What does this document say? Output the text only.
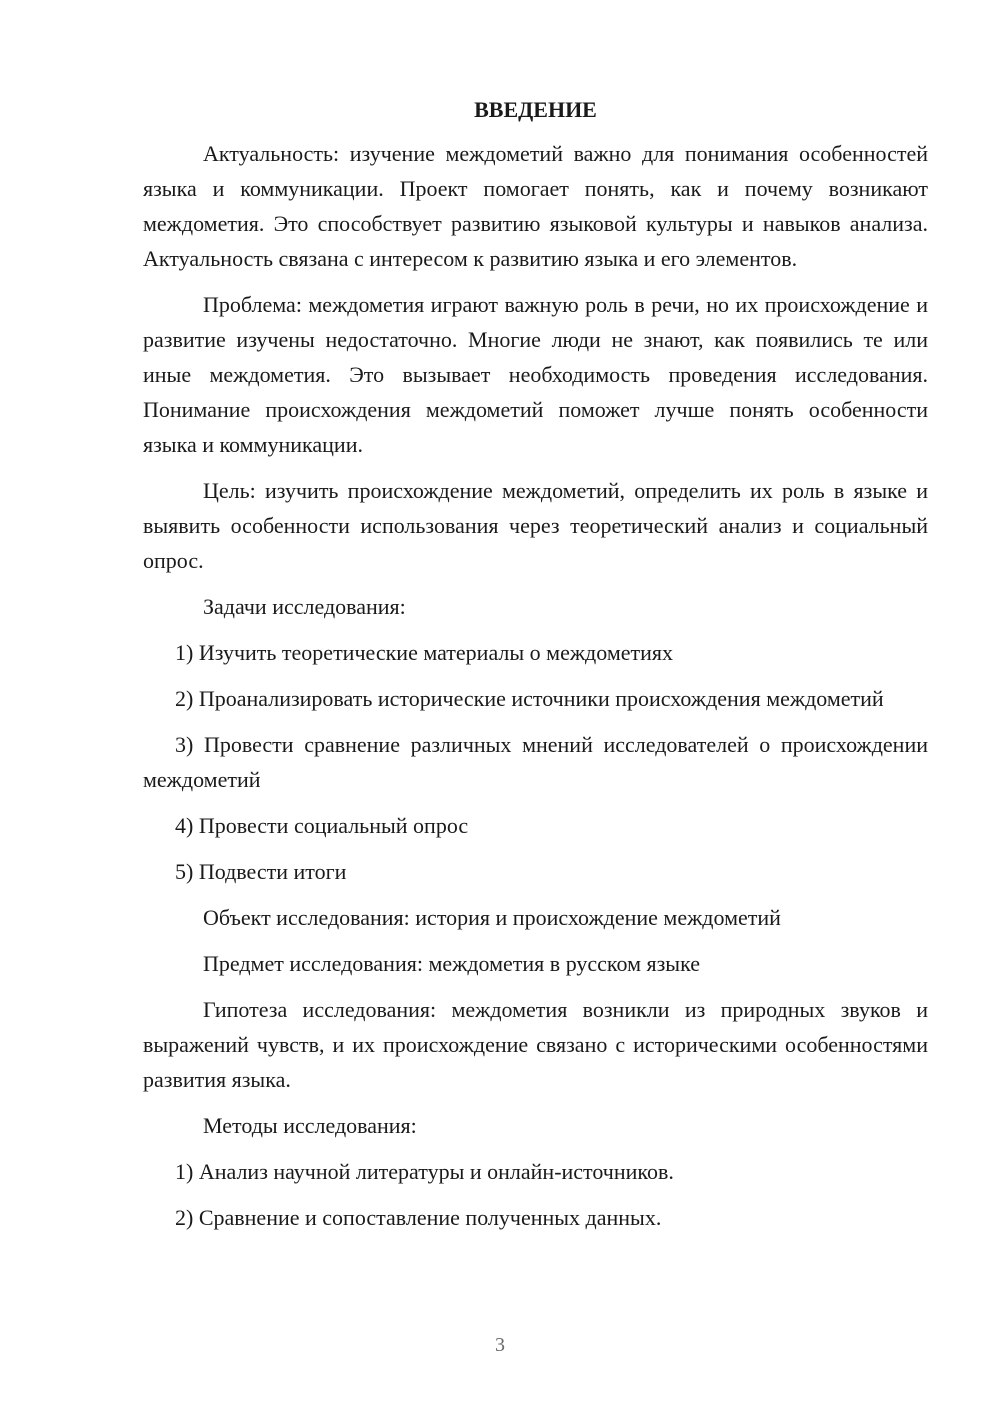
ВВЕДЕНИЕ

Актуальность: изучение междометий важно для понимания особенностей языка и коммуникации. Проект помогает понять, как и почему возникают междометия. Это способствует развитию языковой культуры и навыков анализа. Актуальность связана с интересом к развитию языка и его элементов.

Проблема: междометия играют важную роль в речи, но их происхождение и развитие изучены недостаточно. Многие люди не знают, как появились те или иные междометия. Это вызывает необходимость проведения исследования. Понимание происхождения междометий поможет лучше понять особенности языка и коммуникации.

Цель: изучить происхождение междометий, определить их роль в языке и выявить особенности использования через теоретический анализ и социальный опрос.

Задачи исследования:

1) Изучить теоретические материалы о междометиях

2) Проанализировать исторические источники происхождения междометий

3) Провести сравнение различных мнений исследователей о происхождении междометий

4) Провести социальный опрос

5) Подвести итоги

Объект исследования: история и происхождение междометий

Предмет исследования: междометия в русском языке

Гипотеза исследования: междометия возникли из природных звуков и выражений чувств, и их происхождение связано с историческими особенностями развития языка.

Методы исследования:

1) Анализ научной литературы и онлайн-источников.

2) Сравнение и сопоставление полученных данных.

3
